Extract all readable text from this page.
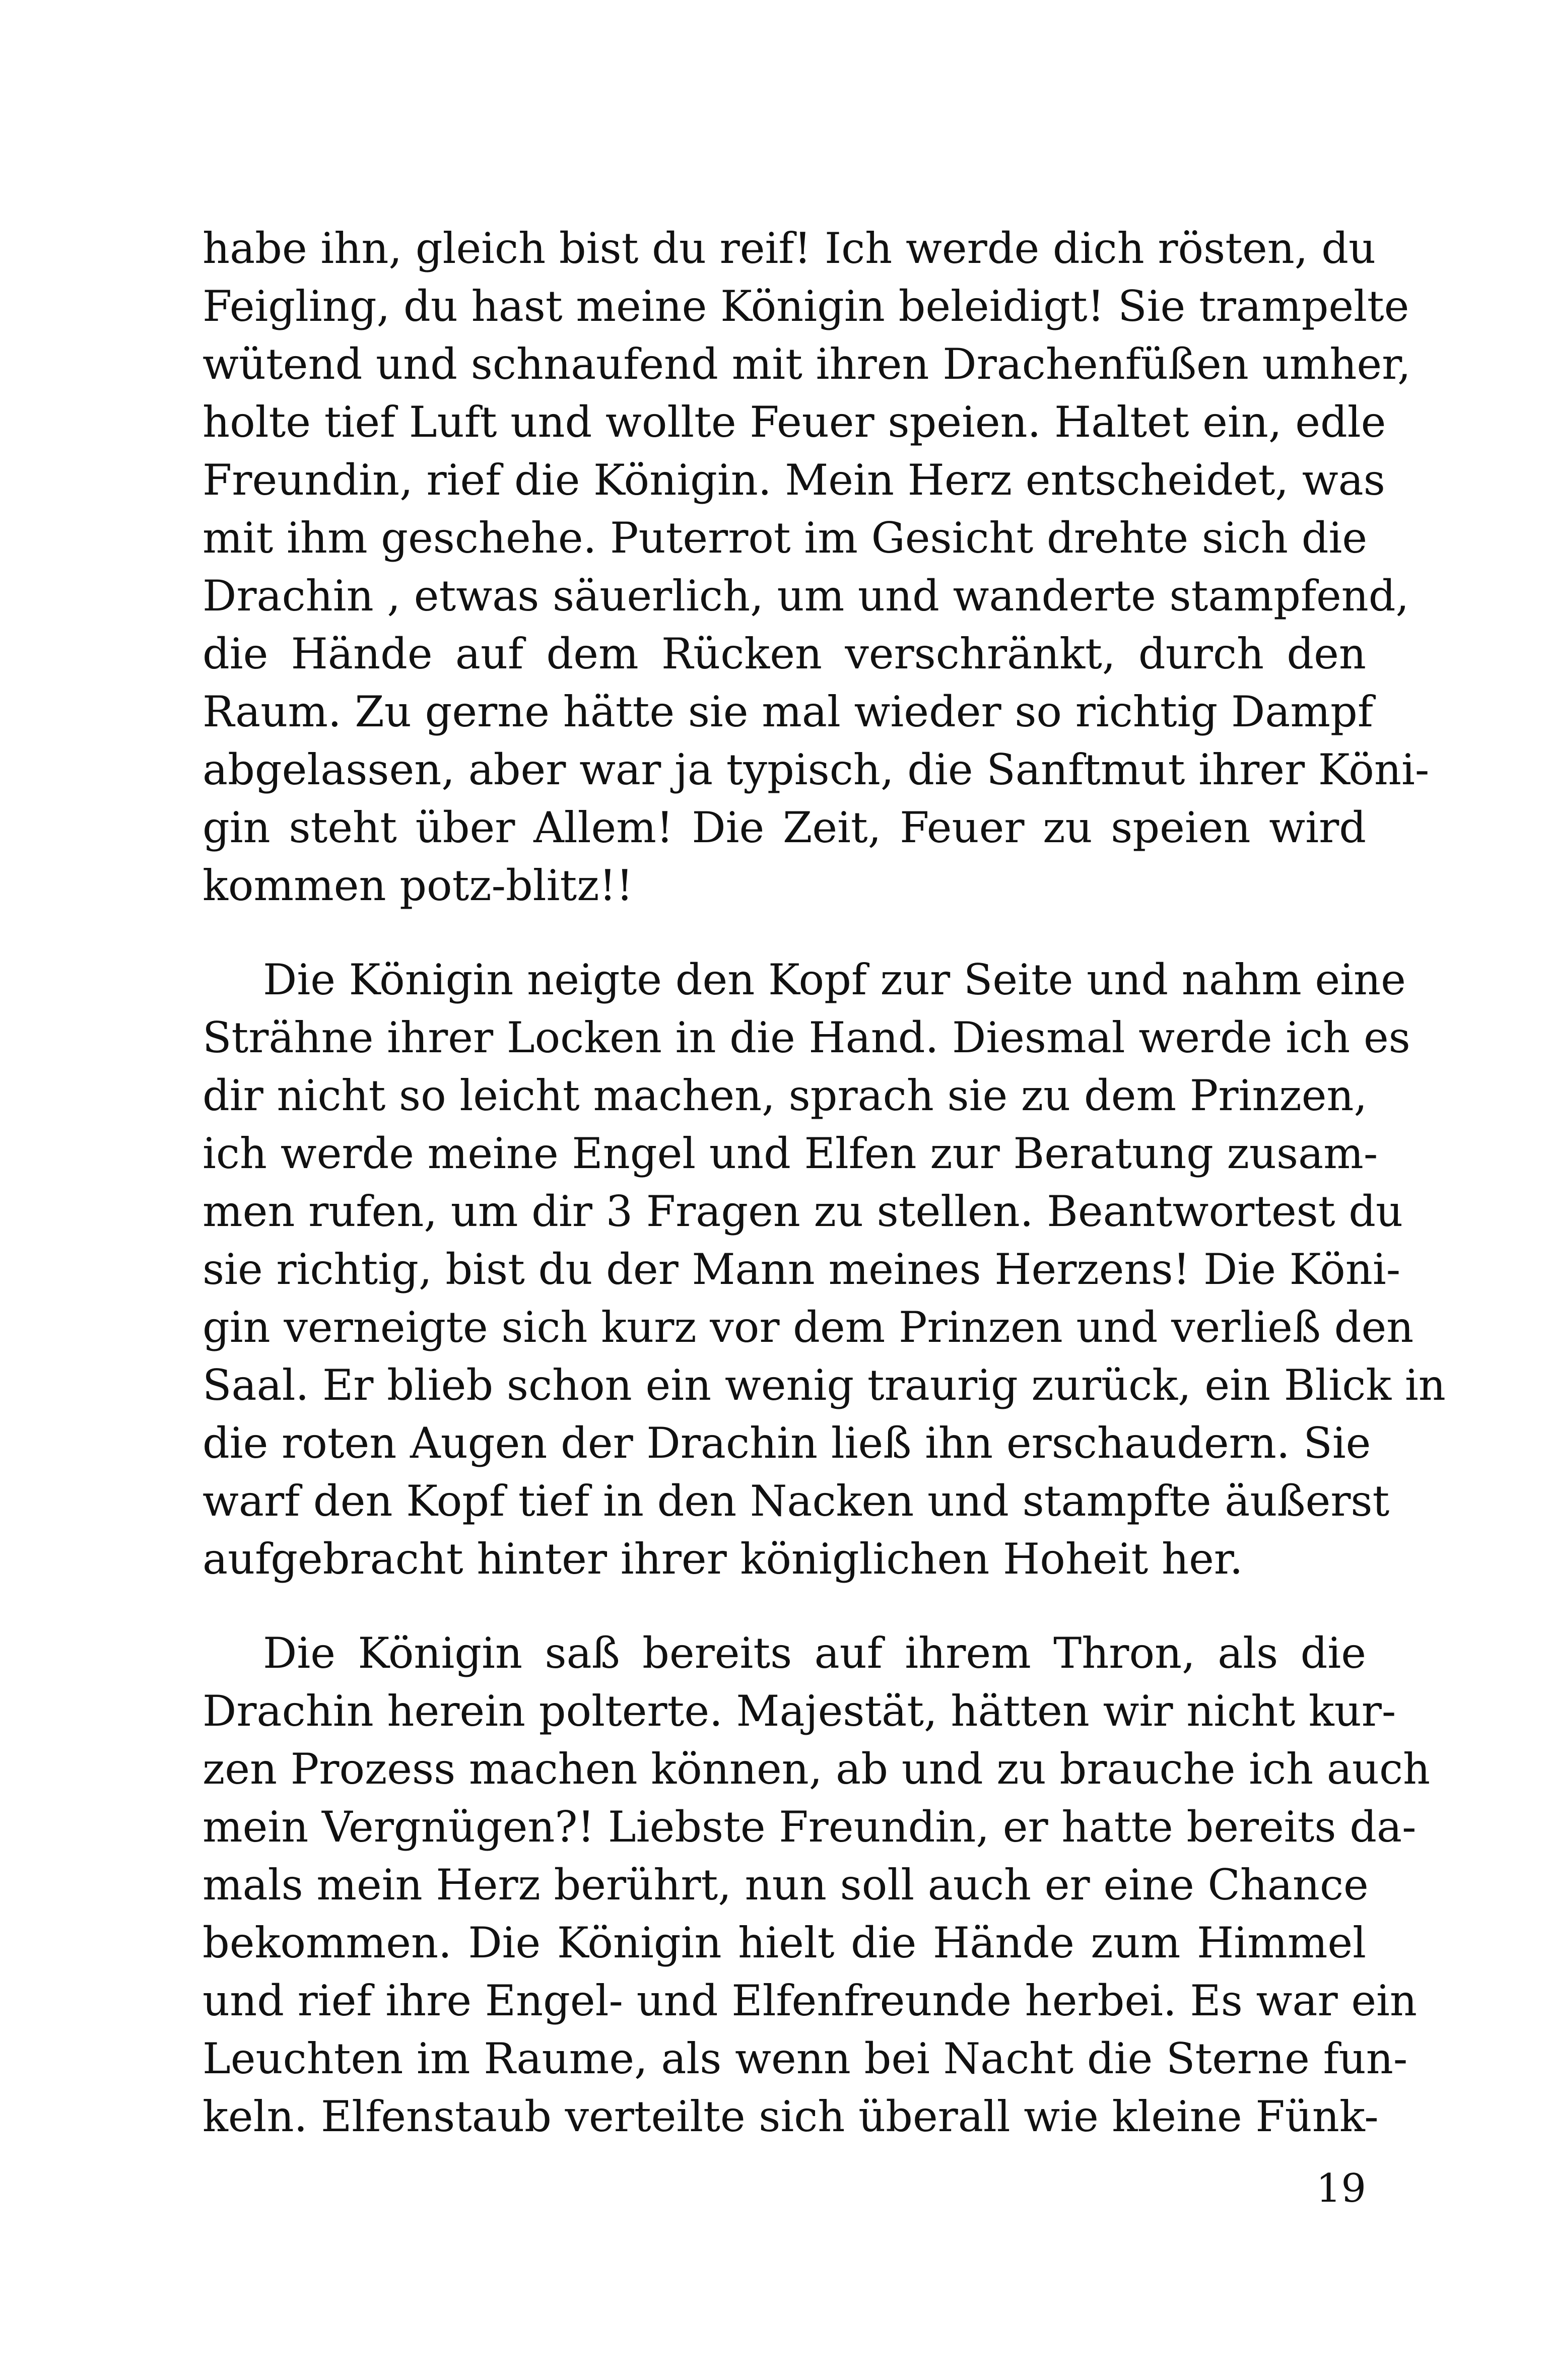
habe ihn, gleich bist du reif! Ich werde dich rösten, du
Feigling, du hast meine Königin beleidigt! Sie trampelte
wütend und schnaufend mit ihren Drachenfüßen umher,
holte tief Luft und wollte Feuer speien. Haltet ein, edle
Freundin, rief die Königin. Mein Herz entscheidet, was
mit ihm geschehe. Puterrot im Gesicht drehte sich die
Drachin , etwas säuerlich, um und wanderte stampfend,
die Hände auf dem Rücken verschränkt, durch den
Raum. Zu gerne hätte sie mal wieder so richtig Dampf
abgelassen, aber war ja typisch, die Sanftmut ihrer Köni-
gin steht über Allem! Die Zeit, Feuer zu speien wird
kommen potz-blitz!!
Die Königin neigte den Kopf zur Seite und nahm eine
Strähne ihrer Locken in die Hand. Diesmal werde ich es
dir nicht so leicht machen, sprach sie zu dem Prinzen,
ich werde meine Engel und Elfen zur Beratung zusam-
men rufen, um dir 3 Fragen zu stellen. Beantwortest du
sie richtig, bist du der Mann meines Herzens! Die Köni-
gin verneigte sich kurz vor dem Prinzen und verließ den
Saal. Er blieb schon ein wenig traurig zurück, ein Blick in
die roten Augen der Drachin ließ ihn erschaudern. Sie
warf den Kopf tief in den Nacken und stampfte äußerst
aufgebracht hinter ihrer königlichen Hoheit her.
Die Königin saß bereits auf ihrem Thron, als die
Drachin herein polterte. Majestät, hätten wir nicht kur-
zen Prozess machen können, ab und zu brauche ich auch
mein Vergnügen?! Liebste Freundin, er hatte bereits da-
mals mein Herz berührt, nun soll auch er eine Chance
bekommen. Die Königin hielt die Hände zum Himmel
und rief ihre Engel- und Elfenfreunde herbei. Es war ein
Leuchten im Raume, als wenn bei Nacht die Sterne fun-
keln. Elfenstaub verteilte sich überall wie kleine Fünk-
19
